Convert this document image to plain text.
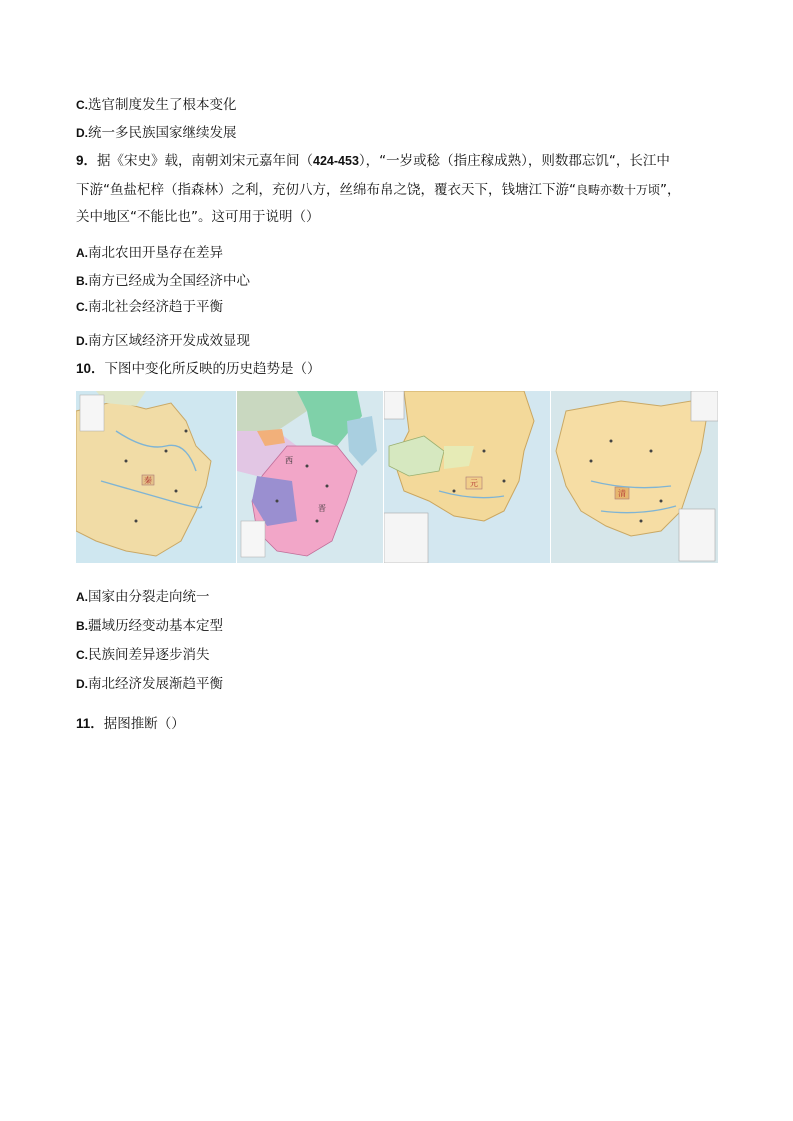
C.选官制度发生了根本变化
D.统一多民族国家继续发展
9．据《宋史》载，南朝刘宋元嘉年间（424-453），“一岁或稔（指庄稼成熟），则数郡忘饥“，长江中
下游“鱼盐杞梓（指森林）之利，充仞八方，丝绵布帛之饶，覆衣天下，钱塘江下游“良畴亦数十万顷”，
关中地区“不能比也”。这可用于说明（）
A.南北农田开垦存在差异
B.南方已经成为全国经济中心
C.南北社会经济趋于平衡
D.南方区域经济开发成效显现
10．下图中变化所反映的历史趋势是（）
秦
西
晋
元
清
A.国家由分裂走向统一
B.疆域历经变动基本定型
C.民族间差异逐步消失
D.南北经济发展渐趋平衡
11．据图推断（）
